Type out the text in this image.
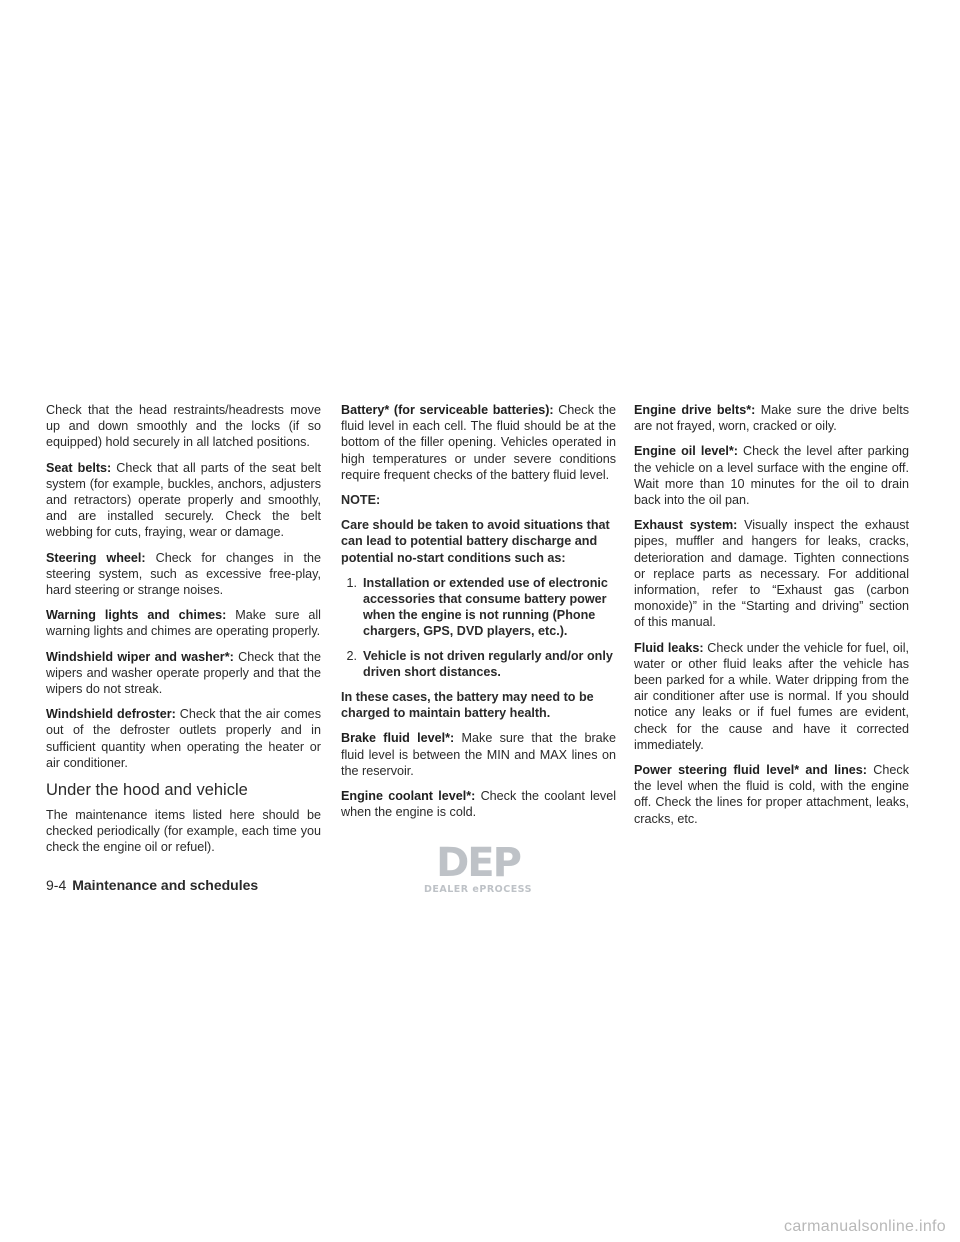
Check that the head restraints/headrests move up and down smoothly and the locks (if so equipped) hold securely in all latched positions.

Seat belts: Check that all parts of the seat belt system (for example, buckles, anchors, adjusters and retractors) operate properly and smoothly, and are installed securely. Check the belt webbing for cuts, fraying, wear or damage.

Steering wheel: Check for changes in the steering system, such as excessive free-play, hard steering or strange noises.

Warning lights and chimes: Make sure all warning lights and chimes are operating properly.

Windshield wiper and washer*: Check that the wipers and washer operate properly and that the wipers do not streak.

Windshield defroster: Check that the air comes out of the defroster outlets properly and in sufficient quantity when operating the heater or air conditioner.

Under the hood and vehicle

The maintenance items listed here should be checked periodically (for example, each time you check the engine oil or refuel).

Battery* (for serviceable batteries): Check the fluid level in each cell. The fluid should be at the bottom of the filler opening. Vehicles operated in high temperatures or under severe conditions require frequent checks of the battery fluid level.

NOTE:

Care should be taken to avoid situations that can lead to potential battery discharge and potential no-start conditions such as:

1. Installation or extended use of electronic accessories that consume battery power when the engine is not running (Phone chargers, GPS, DVD players, etc.).
2. Vehicle is not driven regularly and/or only driven short distances.

In these cases, the battery may need to be charged to maintain battery health.

Brake fluid level*: Make sure that the brake fluid level is between the MIN and MAX lines on the reservoir.

Engine coolant level*: Check the coolant level when the engine is cold.

Engine drive belts*: Make sure the drive belts are not frayed, worn, cracked or oily.

Engine oil level*: Check the level after parking the vehicle on a level surface with the engine off. Wait more than 10 minutes for the oil to drain back into the oil pan.

Exhaust system: Visually inspect the exhaust pipes, muffler and hangers for leaks, cracks, deterioration and damage. Tighten connections or replace parts as necessary. For additional information, refer to “Exhaust gas (carbon monoxide)” in the “Starting and driving” section of this manual.

Fluid leaks: Check under the vehicle for fuel, oil, water or other fluid leaks after the vehicle has been parked for a while. Water dripping from the air conditioner after use is normal. If you should notice any leaks or if fuel fumes are evident, check for the cause and have it corrected immediately.

Power steering fluid level* and lines: Check the level when the fluid is cold, with the engine off. Check the lines for proper attachment, leaks, cracks, etc.

9-4 Maintenance and schedules	DEP
DEALER ePROCESS
carmanualsonline.info
